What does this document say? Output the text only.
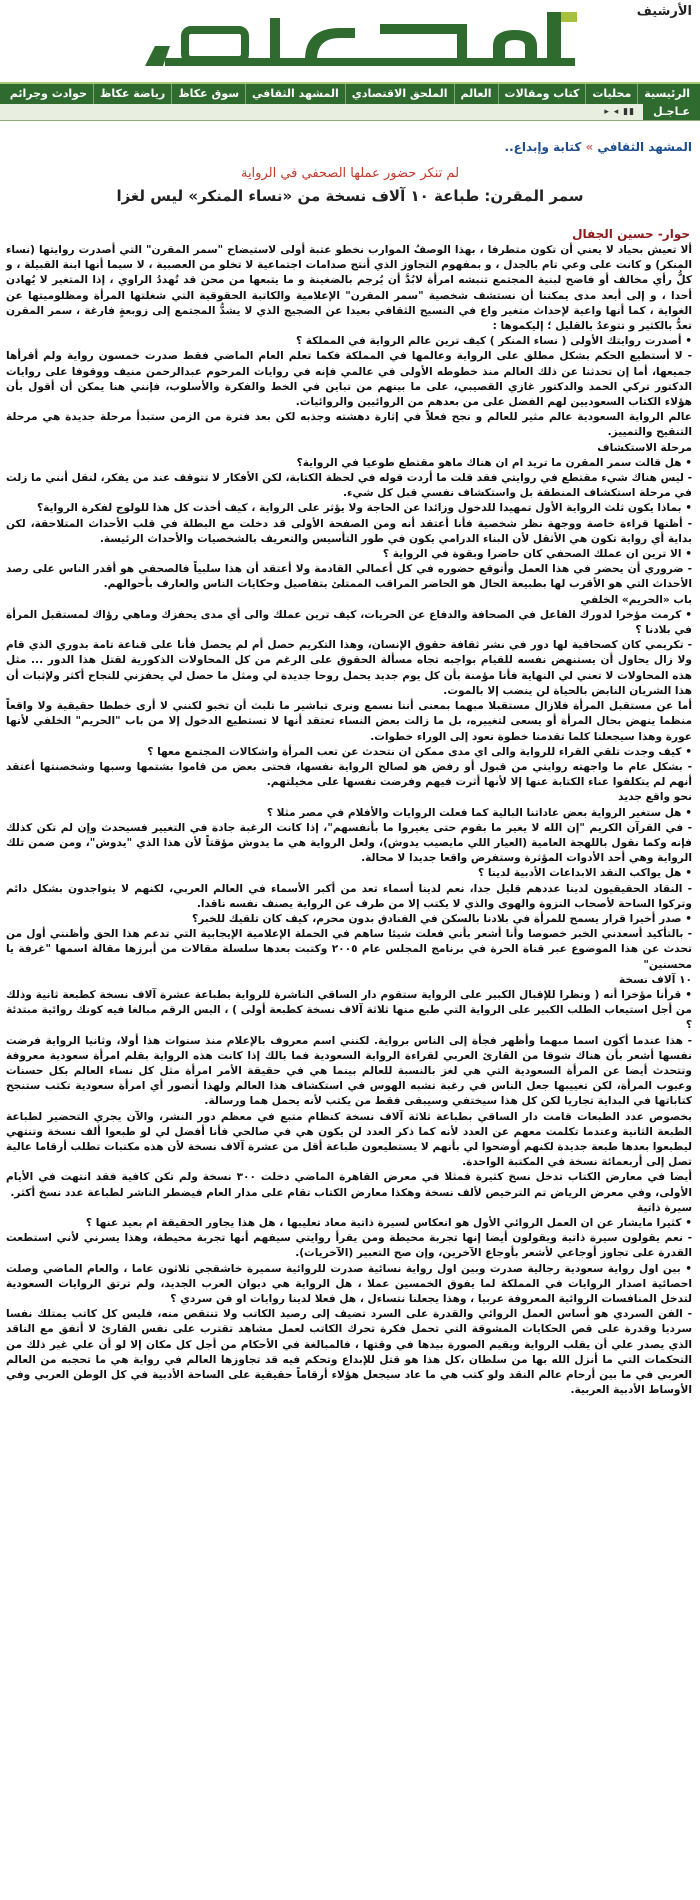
الأرشيف
الرئيسية
محليات
كتاب ومقالات
العالم
الملحق الاقتصادي
المشهد الثقافي
سوق عكاظ
رياضة عكاظ
حوادث وجرائم
عـاجـل
▮▮ ◂ ▸
المشهد الثقافي » كتابة وإبداع..
لم تنكر حضور عملها الصحفي في الرواية
سمر المقرن: طباعة ١٠ آلاف نسخة من «نساء المنكر» ليس لغزا
حوار- حسين الجفال

ألا تعيش بحياد لا يعني أن تكون متطرفا ، بهذا الوصفُ الموارب نخطو عتبة أولى لاستيضاح "سمر المقرن" التي أصدرت روايتها (نساء المنكر) و كانت على وعي تام بالجدل ، و بمفهوم التجاوز الذي أنتج صدامات اجتماعية لا تخلو من العصبية ، لا سيما أنها ابنة القبيلة ، و كلُّ رأي مخالف أو فاضح لبنية المجتمع تنبشه امرأة لابُدَّ أن يُرجم بالضغينة و ما يتبعها من محن قد تُهددُ الراوي ، إذا المتغير لا يُهادن أحدا ، و إلى أبعد مدى يمكننا أن نستشف شخصية "سمر المقرن" الإعلامية والكاتبة الحقوقية التي شغلتها المرأة ومظلوميتها عن الغواية ، كما أنها واعية لإحداث متغير واع في النسيج الثقافي بعيدا عن الضجيج الذي لا يشدُّ المجتمع إلى زوبعةٍ فارغة ، سمر المقرن تعدُّ بالكثير و تتوعدُ بالقليل ؛ إليكموها :

• أصدرت روايتك الأولى ( نساء المنكر ) كيف ترين عالم الرواية في المملكة ؟

- لا أستطيع الحكم بشكل مطلق على الرواية وعالمها في المملكة فكما تعلم العام الماضي فقط صدرت خمسون رواية ولم أقرأها جميعها، أما إن تحدثنا عن ذلك العالم منذ خطوطه الأولى في عالمي فإنه في روايات المرحوم عبدالرحمن منيف ووقوفا على روايات الدكتور تركي الحمد والدكتور غازي القصيبي، على ما بينهم من تباين في الخط والفكرة والأسلوب، فإنني هنا يمكن أن أقول بأن هؤلاء الكتاب السعوديين لهم الفضل على من بعدهم من الروائيين والروائيات.

عالم الرواية السعودية عالم مثير للعالم و نجح فعلاً في إثارة دهشته وجذبه لكن بعد فترة من الزمن ستبدأ مرحلة جديدة هي مرحلة التنقيح والتمييز.

مرحلة الاستكشاف

• هل قالت سمر المقرن ما تريد ام ان هناك ماهو مقتطع طوعيا في الرواية؟

- ليس هناك شيء مقتطع في روايتي فقد قلت ما أردت قوله في لحظة الكتابة، لكن الأفكار لا تتوقف عند من يفكر، لنقل أنني ما زلت في مرحلة استكشاف المنطقة بل واستكشاف نفسي قبل كل شيء.

• بماذا يكون ثلث الرواية الأول تمهيدا للدخول وزائدا عن الحاجة ولا يؤثر على الرواية ، كيف أخذت كل هذا للولوج لفكرة الرواية؟

- أظنها قراءة خاصة ووجهة نظر شخصية فأنا أعتقد أنه ومن الصفحة الأولى قد دخلت مع البطلة في قلب الأحداث المتلاحقة، لكن بداية أي رواية تكون هي الأثقل لأن البناء الدرامي يكون في طور التأسيس والتعريف بالشخصيات والأحداث الرئيسة.

• الا ترين ان عملك الصحفي كان حاضرا وبقوة في الرواية ؟

- ضروري أن يحضر في هذا العمل وأتوقع حضوره في كل أعمالي القادمة ولا أعتقد أن هذا سلبياً فالصحفي هو أقدر الناس على رصد الأحداث التي هو الأقرب لها بطبيعة الحال هو الحاضر المراقب الممتلئ بتفاصيل وحكايات الناس والعارف بأحوالهم.

باب «الحريم» الخلفي

• كرمت مؤخرا لدورك الفاعل في الصحافة والدفاع عن الحريات، كيف ترين عملك والى أي مدى يحفزك وماهي رؤاك لمستقبل المرأة في بلادنا ؟

- تكريمي كان كصحافية لها دور في نشر ثقافة حقوق الإنسان، وهذا التكريم حصل أم لم يحصل فأنا على قناعة تامة بدوري الذي قام ولا زال يحاول أن يستنهض نفسه للقيام بواجبه تجاه مسألة الحقوق على الرغم من كل المحاولات الذكورية لقتل هذا الدور ... مثل هذه المحاولات لا تعني لي النهاية فأنا مؤمنة بأن كل يوم جديد يحمل روحا جديدة لي ومثل ما حصل لي يحفزني للنجاح أكثر ولإثبات أن هذا الشريان النابض بالحياة لن ينضب إلا بالموت.

أما عن مستقبل المرأة فلازال مستقبلا مبهما بمعنى أننا نسمع ونرى تباشير ما تلبث أن تخبو لكنني لا أرى خططا حقيقية ولا واقعاً منظما ينهض بحال المرأة أو يسعى لتغييره، بل ما زالت بعض النساء تعتقد أنها لا تستطيع الدخول إلا من باب "الحريم" الخلفي لأنها عورة وهذا سيجعلنا كلما تقدمنا خطوة نعود إلى الوراء خطوات.

• كيف وجدت تلقي القراء للرواية والى اي مدى ممكن ان نتحدث عن تعب المرأة واشكالات المجتمع معها ؟

- بشكل عام ما واجهته روايتي من قبول أو رفض هو لصالح الرواية نفسها، فحتى بعض من قاموا بشتمها وسبها وشخصنتها أعتقد أنهم لم يتكلفوا عناء الكتابة عنها إلا لأنها أثرت فيهم وفرضت نفسها على مخيلتهم.

نحو واقع جديد

• هل ستغير الرواية بعض عاداتنا البالية كما فعلت الروايات والأفلام في مصر مثلا ؟

- في القرآن الكريم "إن الله لا يغير ما بقوم حتى يغيروا ما بأنفسهم"، إذا كانت الرغبة جادة في التغيير فسيحدث وإن لم تكن كذلك فإنه وكما نقول باللهجة العامية (العيار اللي مايصيب يدوش)، ولعل الرواية هي ما يدوش مؤقتاً لأن هذا الذي "يدوش"، ومن ضمن تلك الرواية وهي أحد الأدوات المؤثرة وستفرض واقعا جديدا لا محالة.

• هل يواكب النقد الابداعات الأدبية لدينا ؟

- النقاد الحقيقيون لدينا عددهم قليل جدا، نعم لدينا أسماء تعد من أكبر الأسماء في العالم العربي، لكنهم لا يتواجدون بشكل دائم وتركوا الساحة لأصحاب النزوة والهوى والذي لا يكتب إلا من طرف عن الرواية يصنف نفسه ناقدا.

• صدر أخيرا قرار يسمح للمرأة في بلادنا بالسكن في الفنادق بدون محرم، كيف كان تلقيك للخبر؟

- بالتأكيد أسعدني الخبر خصوصا وأنا أشعر بأني فعلت شيئا ساهم في الحملة الإعلامية الإيجابية التي تدعم هذا الحق وأظنني أول من تحدث عن هذا الموضوع عبر قناة الحرة في برنامج المجلس عام ٢٠٠٥ وكتبت بعدها سلسلة مقالات من أبرزها مقالة اسمها "غرفة يا محسنين"

١٠ آلاف نسخة

• قرأنا مؤخرا أنه ( ونظرا للإقبال الكبير على الرواية ستقوم دار الساقي الناشرة للرواية بطباعة عشرة آلاف نسخة كطبعة ثانية وذلك من أجل استيعاب الطلب الكبير على الرواية التي طبع منها ثلاثة آلاف نسخة كطبعة أولى ) ، اليس الرقم مبالغا فيه كونك روائية مبتدئة ؟

- هذا عندما أكون اسما مبهما وأظهر فجأة إلى الناس برواية. لكنني اسم معروف بالإعلام منذ سنوات هذا أولا، وثانيا الرواية فرضت نفسها أشعر بأن هناك شوقا من القارئ العربي لقراءة الرواية السعودية فما بالك إذا كانت هذه الرواية بقلم امرأة سعودية معروفة وتتحدث أيضا عن المرأة السعودية التي هي لغز بالنسبة للعالم بينما هي في حقيقة الأمر امرأة مثل كل نساء العالم بكل حسنات وعيوب المرأة، لكن تغييبها جعل الناس في رغبة تشبه الهوس في استكشاف هذا العالم ولهذا أتصور أي امرأة سعودية تكتب ستنجح كتاباتها في البداية تجاريا لكن كل هذا سيختفي وسيبقى فقط من يكتب لأنه يحمل هما ورسالة.

بخصوص عدد الطبعات قامت دار الساقي بطباعة ثلاثة آلاف نسخة كنظام متبع في معظم دور النشر، والآن يجري التحضير لطباعة الطبعة الثانية وعندما تكلمت معهم عن العدد لأنه كما ذكر العدد لن يكون هي في صالحي فأنا أفضل لي لو طبعوا ألف نسخة وتنتهي ليطبعوا بعدها طبعة جديدة لكنهم أوضحوا لي بأنهم لا يستطيعون طباعة أقل من عشرة آلاف نسخة لأن هذه مكتبات تطلب أرقاما عالية تصل إلى أربعمائة نسخة في المكتبة الواحدة.

أيضا في معارض الكتاب تدخل نسخ كثيرة فمثلا في معرض القاهرة الماضي دخلت ٣٠٠ نسخة ولم تكن كافية فقد انتهت في الأيام الأولى، وفي معرض الرياض تم الترخيص لألف نسخة وهكذا معارض الكتاب تقام على مدار العام فيضطر الناشر لطباعة عدد نسخ أكثر.

سيرة ذاتية

• كثيرا مايشار عن ان العمل الروائي الأول هو انعكاس لسيرة ذاتية معاد تعليبها ، هل هذا يجاور الحقيقة ام بعيد عنها ؟

- نعم يقولون سيرة ذاتية ويقولون أيضا إنها تجربة محيطة ومن يقرأ روايتي سيفهم أنها تجربة محيطة، وهذا يسرني لأني استطعت القدرة على تجاوز أوجاعي لأشعر بأوجاع الآخرين، وإن صح التعبير (الآخريات).

• بين اول رواية سعودية رجالية صدرت وبين اول رواية نسائية صدرت للروائية سميرة خاشقجي ثلاثون عاما ، والعام الماضي وصلت احصائية اصدار الروايات في المملكة لما يفوق الخمسين عملا ، هل الرواية هي ديوان العرب الجديد، ولم ترتق الروايات السعودية لتدخل المنافسات الروائية المعروفة عربيا ، وهذا يجعلنا نتساءل ، هل فعلا لدينا روايات او فن سردي ؟

- الفن السردي هو أساس العمل الروائي والقدرة على السرد تضيف إلى رصيد الكاتب ولا تنتقص منه، فليس كل كاتب يمتلك نفسا سرديا وقدرة على قص الحكايات المشوقة التي تحمل فكرة تحرك الكاتب لعمل مشاهد تقترب على نفس القارئ لا أتفق مع الناقد الذي يصدر علي أن يقلب الرواية ويقيم الصورة بيدها في وقتها ، فالمبالغة في الأحكام من أجل كل مكان إلا لو أن علي غير ذلك من التحكمات التي ما أنزل الله بها من سلطان ،كل هذا هو قتل للإبداع وتحكم فيه قد تجاوزها العالم في رواية هي ما تحجبه من العالم العربي في ما بين أرحام عالم النقد ولو كتب هي ما عاد سيجعل هؤلاء أرقاماً حقيقية على الساحة الأدبية في كل الوطن العربي وفي الأوساط الأدبية العربية.
